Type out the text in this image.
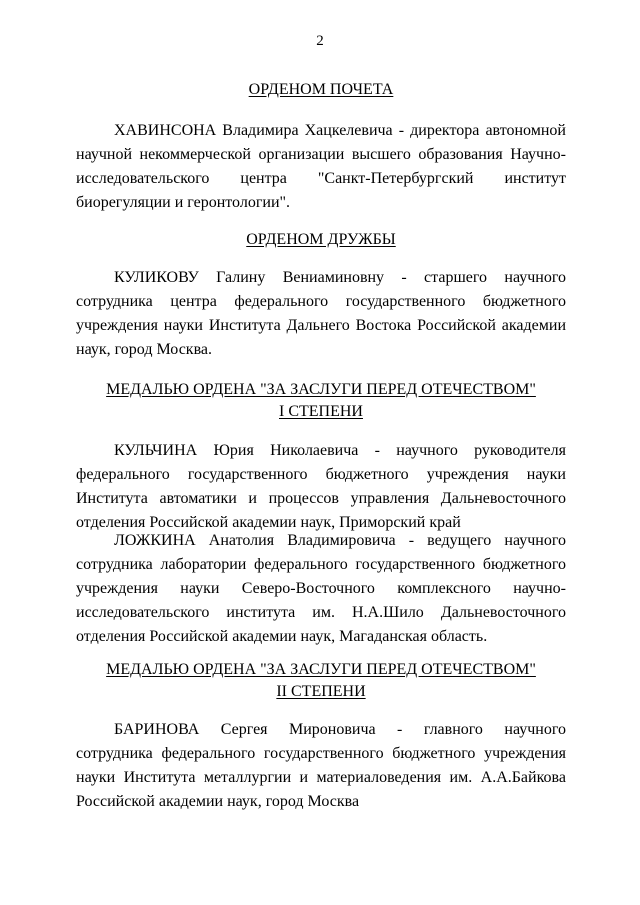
2
ОРДЕНОМ ПОЧЕТА
ХАВИНСОНА Владимира Хацкелевича - директора автономной
научной некоммерческой организации высшего образования Научно-
исследовательского центра "Санкт-Петербургский институт
биорегуляции и геронтологии".
ОРДЕНОМ ДРУЖБЫ
КУЛИКОВУ Галину Вениаминовну - старшего научного
сотрудника центра федерального государственного бюджетного
учреждения науки Института Дальнего Востока Российской академии
наук, город Москва.
МЕДАЛЬЮ ОРДЕНА "ЗА ЗАСЛУГИ ПЕРЕД ОТЕЧЕСТВОМ"
I СТЕПЕНИ
КУЛЬЧИНА Юрия Николаевича - научного руководителя
федерального государственного бюджетного учреждения науки
Института автоматики и процессов управления Дальневосточного
отделения Российской академии наук, Приморский край
ЛОЖКИНА Анатолия Владимировича - ведущего научного
сотрудника лаборатории федерального государственного бюджетного
учреждения науки Северо-Восточного комплексного научно-
исследовательского института им. Н.А.Шило Дальневосточного
отделения Российской академии наук, Магаданская область.
МЕДАЛЬЮ ОРДЕНА "ЗА ЗАСЛУГИ ПЕРЕД ОТЕЧЕСТВОМ"
II СТЕПЕНИ
БАРИНОВА Сергея Мироновича - главного научного
сотрудника федерального государственного бюджетного учреждения
науки Института металлургии и материаловедения им. А.А.Байкова
Российской академии наук, город Москва
